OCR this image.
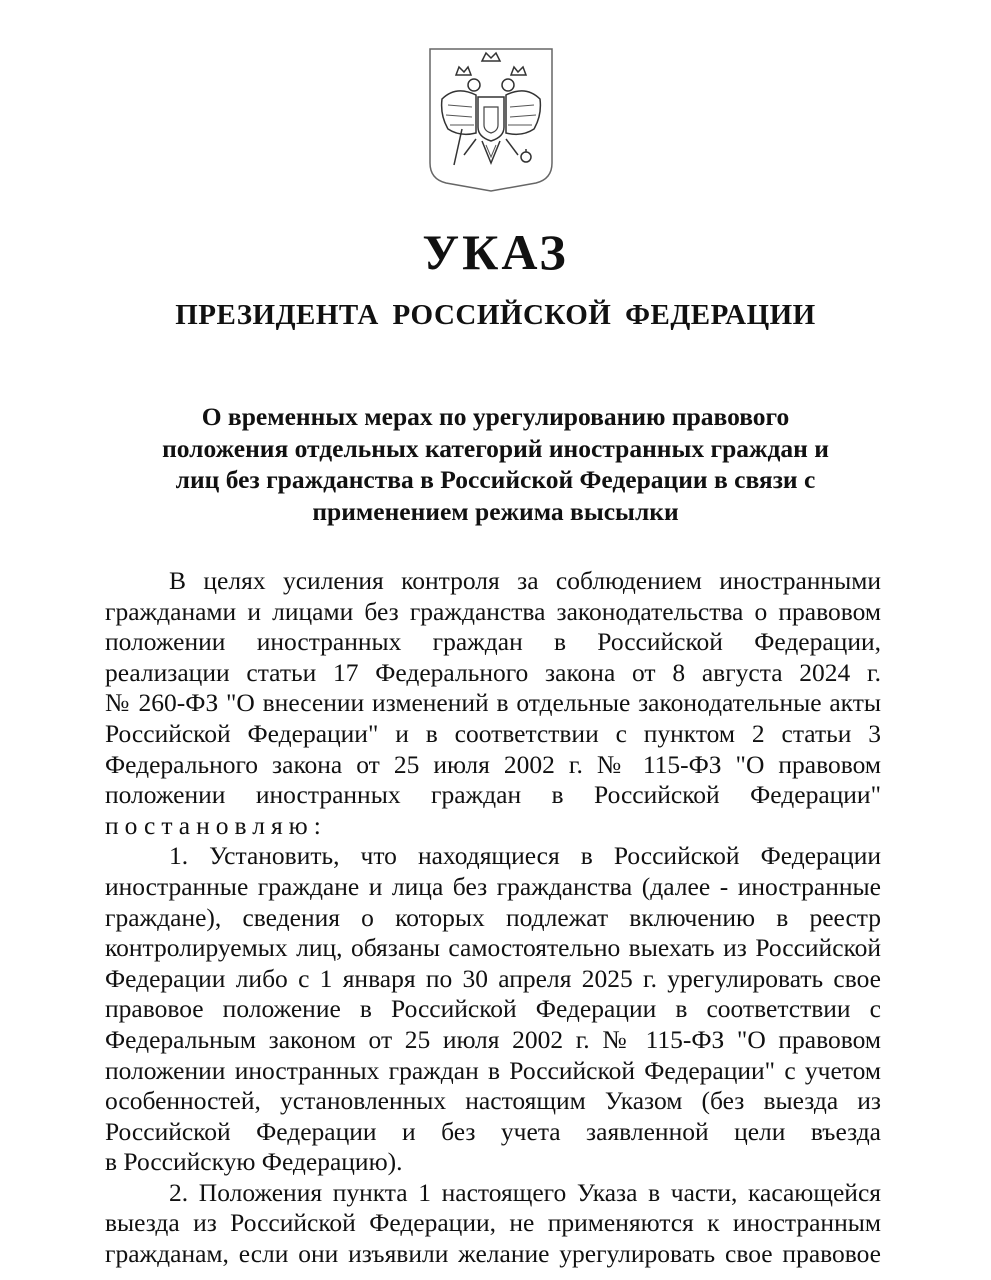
УКАЗ
ПРЕЗИДЕНТА РОССИЙСКОЙ ФЕДЕРАЦИИ
О временных мерах по урегулированию правового
положения отдельных категорий иностранных граждан и
лиц без гражданства в Российской Федерации в связи с
применением режима высылки
В целях усиления контроля за соблюдением иностранными
гражданами и лицами без гражданства законодательства о правовом
положении иностранных граждан в Российской Федерации,
реализации статьи 17 Федерального закона от 8 августа 2024 г.
№ 260-ФЗ "О внесении изменений в отдельные законодательные акты
Российской Федерации" и в соответствии с пунктом 2 статьи 3
Федерального закона от 25 июля 2002 г. № 115-ФЗ "О правовом
положении иностранных граждан в Российской Федерации"
постановляю:
1. Установить, что находящиеся в Российской Федерации
иностранные граждане и лица без гражданства (далее - иностранные
граждане), сведения о которых подлежат включению в реестр
контролируемых лиц, обязаны самостоятельно выехать из Российской
Федерации либо с 1 января по 30 апреля 2025 г. урегулировать свое
правовое положение в Российской Федерации в соответствии с
Федеральным законом от 25 июля 2002 г. № 115-ФЗ "О правовом
положении иностранных граждан в Российской Федерации" с учетом
особенностей, установленных настоящим Указом (без выезда из
Российской Федерации и без учета заявленной цели въезда
в Российскую Федерацию).
2. Положения пункта 1 настоящего Указа в части, касающейся
выезда из Российской Федерации, не применяются к иностранным
гражданам, если они изъявили желание урегулировать свое правовое
